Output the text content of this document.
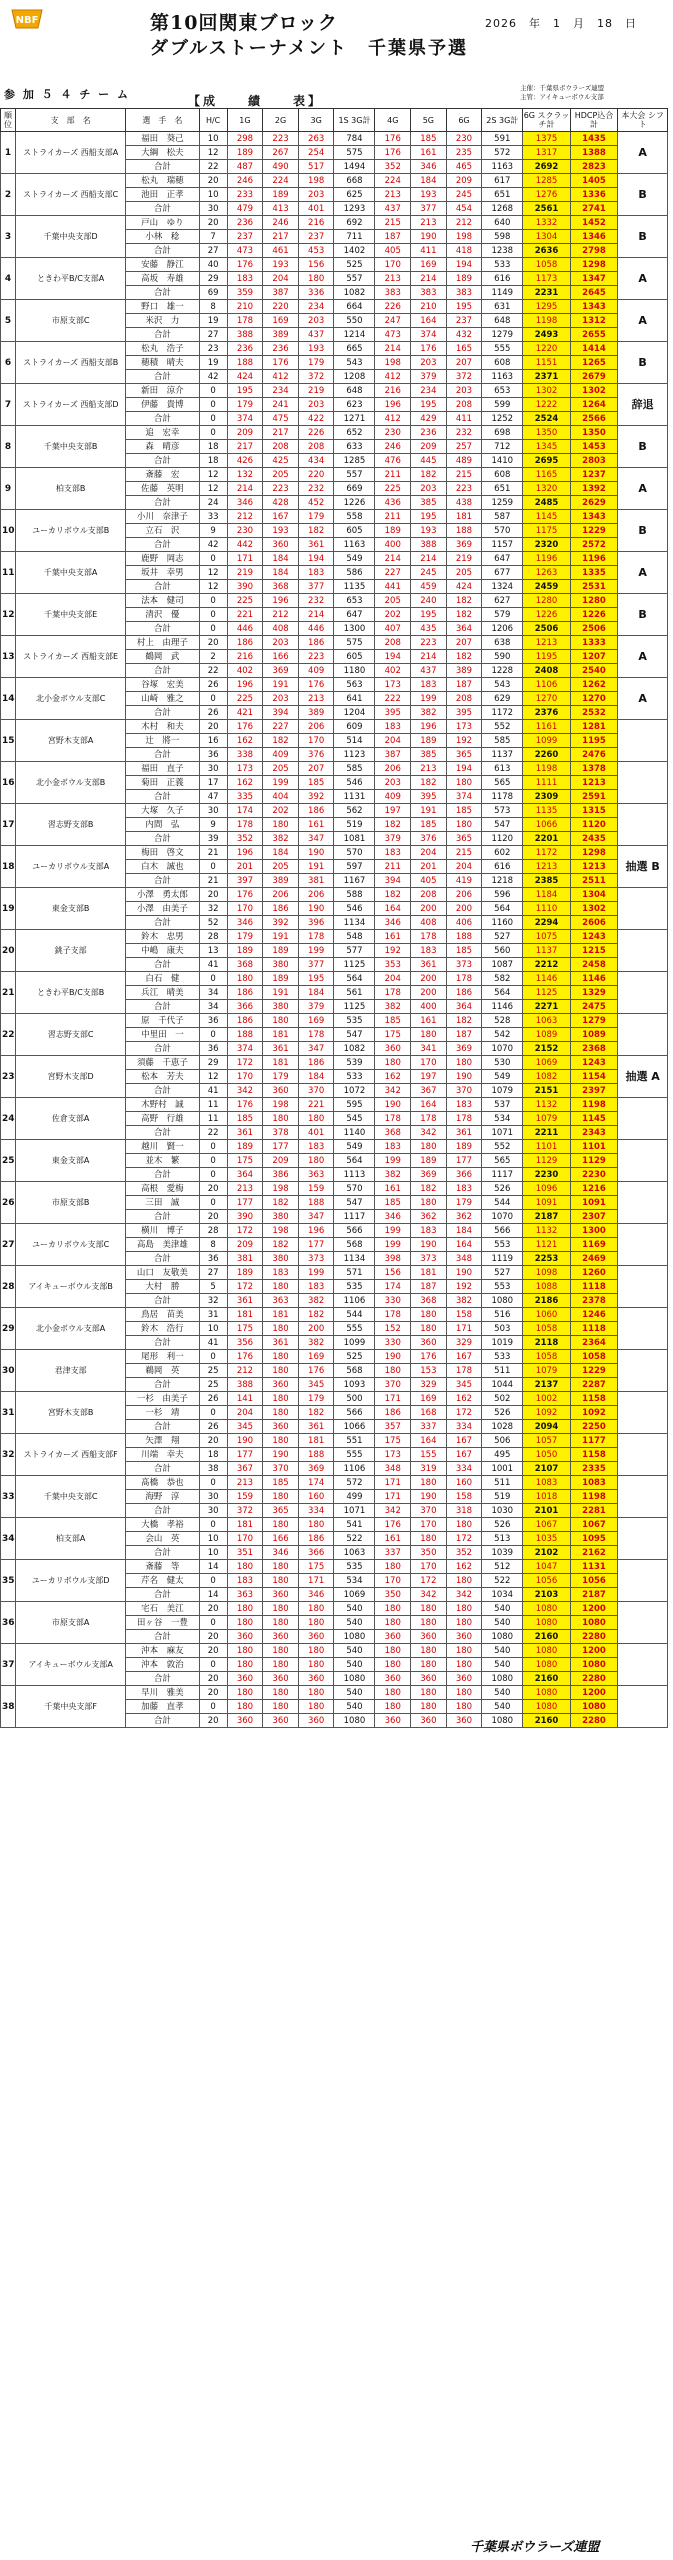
NBF	第10回関東ブロック
ダブルストーナメント　千葉県予選
2026　年　1　月　18　日
主催：千葉県ボウラーズ連盟
主管：アイキューボウル支部
参 加 ５ ４ チ ー ム	【成　　績　　表】
順位	支　部　名	選　手　名	H/C	1G	2G	3G	1S 3G計	4G	5G	6G	2S 3G計	6G スクラッチ計	HDCP込合計	本大会 シフト
1	ストライカーズ 西船支部A	福田　葵己	10	298	223	263	784	176	185	230	591	1375	1435	A
		大綱　松夫	12	189	267	254	575	176	161	235	572	1317	1388	
		合計	22	487	490	517	1494	352	346	465	1163	2692	2823	
2	ストライカーズ 西船支部C	松丸　瑞穂	20	246	224	198	668	224	184	209	617	1285	1405	B
		池田　正孝	10	233	189	203	625	213	193	245	651	1276	1336	
		合計	30	479	413	401	1293	437	377	454	1268	2561	2741	
3	千葉中央支部D	戸山　ゆり	20	236	246	216	692	215	213	212	640	1332	1452	B
		小林　稔	7	237	217	237	711	187	190	198	598	1304	1346	
		合計	27	473	461	453	1402	405	411	418	1238	2636	2798	
4	ときわ平B/C支部A	安藤　静江	40	176	193	156	525	170	169	194	533	1058	1298	A
		高坂　寿雄	29	183	204	180	557	213	214	189	616	1173	1347	
		合計	69	359	387	336	1082	383	383	383	1149	2231	2645	
5	市原支部C	野口　雄一	8	210	220	234	664	226	210	195	631	1295	1343	A
		米沢　力	19	178	169	203	550	247	164	237	648	1198	1312	
		合計	27	388	389	437	1214	473	374	432	1279	2493	2655	
6	ストライカーズ 西船支部B	松丸　浩子	23	236	236	193	665	214	176	165	555	1220	1414	B
		穂積　晴夫	19	188	176	179	543	198	203	207	608	1151	1265	
		合計	42	424	412	372	1208	412	379	372	1163	2371	2679	
7	ストライカーズ 西船支部D	新田　涼介	0	195	234	219	648	216	234	203	653	1302	1302	辞退
		伊藤　貴博	0	179	241	203	623	196	195	208	599	1222	1264	
		合計	0	374	475	422	1271	412	429	411	1252	2524	2566	
8	千葉中央支部B	追　宏幸	0	209	217	226	652	230	236	232	698	1350	1350	B
		森　晴彦	18	217	208	208	633	246	209	257	712	1345	1453	
		合計	18	426	425	434	1285	476	445	489	1410	2695	2803	
9	柏支部B	斎藤　宏	12	132	205	220	557	211	182	215	608	1165	1237	A
		佐藤　英明	12	214	223	232	669	225	203	223	651	1320	1392	
		合計	24	346	428	452	1226	436	385	438	1259	2485	2629	
10	ユーカリボウル支部B	小川　奈津子	33	212	167	179	558	211	195	181	587	1145	1343	B
		立石　沢	9	230	193	182	605	189	193	188	570	1175	1229	
		合計	42	442	360	361	1163	400	388	369	1157	2320	2572	
11	千葉中央支部A	鹿野　岡志	0	171	184	194	549	214	214	219	647	1196	1196	A
		坂井　幸男	12	219	184	183	586	227	245	205	677	1263	1335	
		合計	12	390	368	377	1135	441	459	424	1324	2459	2531	
12	千葉中央支部E	法本　健司	0	225	196	232	653	205	240	182	627	1280	1280	B
		清沢　優	0	221	212	214	647	202	195	182	579	1226	1226	
		合計	0	446	408	446	1300	407	435	364	1206	2506	2506	
13	ストライカーズ 西船支部E	村上　由理子	20	186	203	186	575	208	223	207	638	1213	1333	A
		鶴岡　武	2	216	166	223	605	194	214	182	590	1195	1207	
		合計	22	402	369	409	1180	402	437	389	1228	2408	2540	
14	北小金ボウル支部C	谷塚　宏美	26	196	191	176	563	173	183	187	543	1106	1262	A
		山崎　雅之	0	225	203	213	641	222	199	208	629	1270	1270	
		合計	26	421	394	389	1204	395	382	395	1172	2376	2532	
15	宮野木支部A	木村　和夫	20	176	227	206	609	183	196	173	552	1161	1281	
		辻　將一	16	162	182	170	514	204	189	192	585	1099	1195	
		合計	36	338	409	376	1123	387	385	365	1137	2260	2476	
16	北小金ボウル支部B	福田　直子	30	173	205	207	585	206	213	194	613	1198	1378	
		菊田　正義	17	162	199	185	546	203	182	180	565	1111	1213	
		合計	47	335	404	392	1131	409	395	374	1178	2309	2591	
17	習志野支部B	大塚　久子	30	174	202	186	562	197	191	185	573	1135	1315	
		内間　弘	9	178	180	161	519	182	185	180	547	1066	1120	
		合計	39	352	382	347	1081	379	376	365	1120	2201	2435	
18	ユーカリボウル支部A	梅田　啓文	21	196	184	190	570	183	204	215	602	1172	1298	抽選 B
		白木　誠也	0	201	205	191	597	211	201	204	616	1213	1213	
		合計	21	397	389	381	1167	394	405	419	1218	2385	2511	
19	東金支部B	小澤　勇太郎	20	176	206	206	588	182	208	206	596	1184	1304	
		小澤　由美子	32	170	186	190	546	164	200	200	564	1110	1302	
		合計	52	346	392	396	1134	346	408	406	1160	2294	2606	
20	銚子支部	鈴木　忠男	28	179	191	178	548	161	178	188	527	1075	1243	
		中嶋　康夫	13	189	189	199	577	192	183	185	560	1137	1215	
		合計	41	368	380	377	1125	353	361	373	1087	2212	2458	
21	ときわ平B/C支部B	白石　健	0	180	189	195	564	204	200	178	582	1146	1146	
		兵江　晴美	34	186	191	184	561	178	200	186	564	1125	1329	
		合計	34	366	380	379	1125	382	400	364	1146	2271	2475	
22	習志野支部C	原　千代子	36	186	180	169	535	185	161	182	528	1063	1279	
		中里田　一	0	188	181	178	547	175	180	187	542	1089	1089	
		合計	36	374	361	347	1082	360	341	369	1070	2152	2368	
23	宮野木支部D	須藤　千恵子	29	172	181	186	539	180	170	180	530	1069	1243	抽選 A
		松本　芳夫	12	170	179	184	533	162	197	190	549	1082	1154	
		合計	41	342	360	370	1072	342	367	370	1079	2151	2397	
24	佐倉支部A	木野村　誠	11	176	198	221	595	190	164	183	537	1132	1198	
		高野　行雄	11	185	180	180	545	178	178	178	534	1079	1145	
		合計	22	361	378	401	1140	368	342	361	1071	2211	2343	
25	東金支部A	越川　賢一	0	189	177	183	549	183	180	189	552	1101	1101	
		並木　繁	0	175	209	180	564	199	189	177	565	1129	1129	
		合計	0	364	386	363	1113	382	369	366	1117	2230	2230	
26	市原支部B	高根　愛梅	20	213	198	159	570	161	182	183	526	1096	1216	
		三田　誠	0	177	182	188	547	185	180	179	544	1091	1091	
		合計	20	390	380	347	1117	346	362	362	1070	2187	2307	
27	ユーカリボウル支部C	横川　博子	28	172	198	196	566	199	183	184	566	1132	1300	
		高島　美津雄	8	209	182	177	568	199	190	164	553	1121	1169	
		合計	36	381	380	373	1134	398	373	348	1119	2253	2469	
28	アイキューボウル支部B	山口　友敬美	27	189	183	199	571	156	181	190	527	1098	1260	
		大村　勝	5	172	180	183	535	174	187	192	553	1088	1118	
		合計	32	361	363	382	1106	330	368	382	1080	2186	2378	
29	北小金ボウル支部A	鳥居　苗美	31	181	181	182	544	178	180	158	516	1060	1246	
		鈴木　浩行	10	175	180	200	555	152	180	171	503	1058	1118	
		合計	41	356	361	382	1099	330	360	329	1019	2118	2364	
30	君津支部	尾形　利一	0	176	180	169	525	190	176	167	533	1058	1058	
		鵜岡　英	25	212	180	176	568	180	153	178	511	1079	1229	
		合計	25	388	360	345	1093	370	329	345	1044	2137	2287	
31	宮野木支部B	一杉　由美子	26	141	180	179	500	171	169	162	502	1002	1158	
		一杉　靖	0	204	180	182	566	186	168	172	526	1092	1092	
		合計	26	345	360	361	1066	357	337	334	1028	2094	2250	
32	ストライカーズ 西船支部F	矢澤　翔	20	190	180	181	551	175	164	167	506	1057	1177	
		川端　幸夫	18	177	190	188	555	173	155	167	495	1050	1158	
		合計	38	367	370	369	1106	348	319	334	1001	2107	2335	
33	千葉中央支部C	髙橋　恭也	0	213	185	174	572	171	180	160	511	1083	1083	
		海野　淳	30	159	180	160	499	171	190	158	519	1018	1198	
		合計	30	372	365	334	1071	342	370	318	1030	2101	2281	
34	柏支部A	大橋　孝裕	0	181	180	180	541	176	170	180	526	1067	1067	
		会山　英	10	170	166	186	522	161	180	172	513	1035	1095	
		合計	10	351	346	366	1063	337	350	352	1039	2102	2162	
35	ユーカリボウル支部D	斎藤　等	14	180	180	175	535	180	170	162	512	1047	1131	
		芹名　健太	0	183	180	171	534	170	172	180	522	1056	1056	
		合計	14	363	360	346	1069	350	342	342	1034	2103	2187	
36	市原支部A	宅石　美江	20	180	180	180	540	180	180	180	540	1080	1200	
		田ヶ谷　一豊	0	180	180	180	540	180	180	180	540	1080	1080	
		合計	20	360	360	360	1080	360	360	360	1080	2160	2280	
37	アイキューボウル支部A	沖本　麻友	20	180	180	180	540	180	180	180	540	1080	1200	
		沖本　敦治	0	180	180	180	540	180	180	180	540	1080	1080	
		合計	20	360	360	360	1080	360	360	360	1080	2160	2280	
38	千葉中央支部F	早川　雅美	20	180	180	180	540	180	180	180	540	1080	1200	
		加藤　直孝	0	180	180	180	540	180	180	180	540	1080	1080	
		合計	20	360	360	360	1080	360	360	360	1080	2160	2280	
千葉県ボウラーズ連盟
